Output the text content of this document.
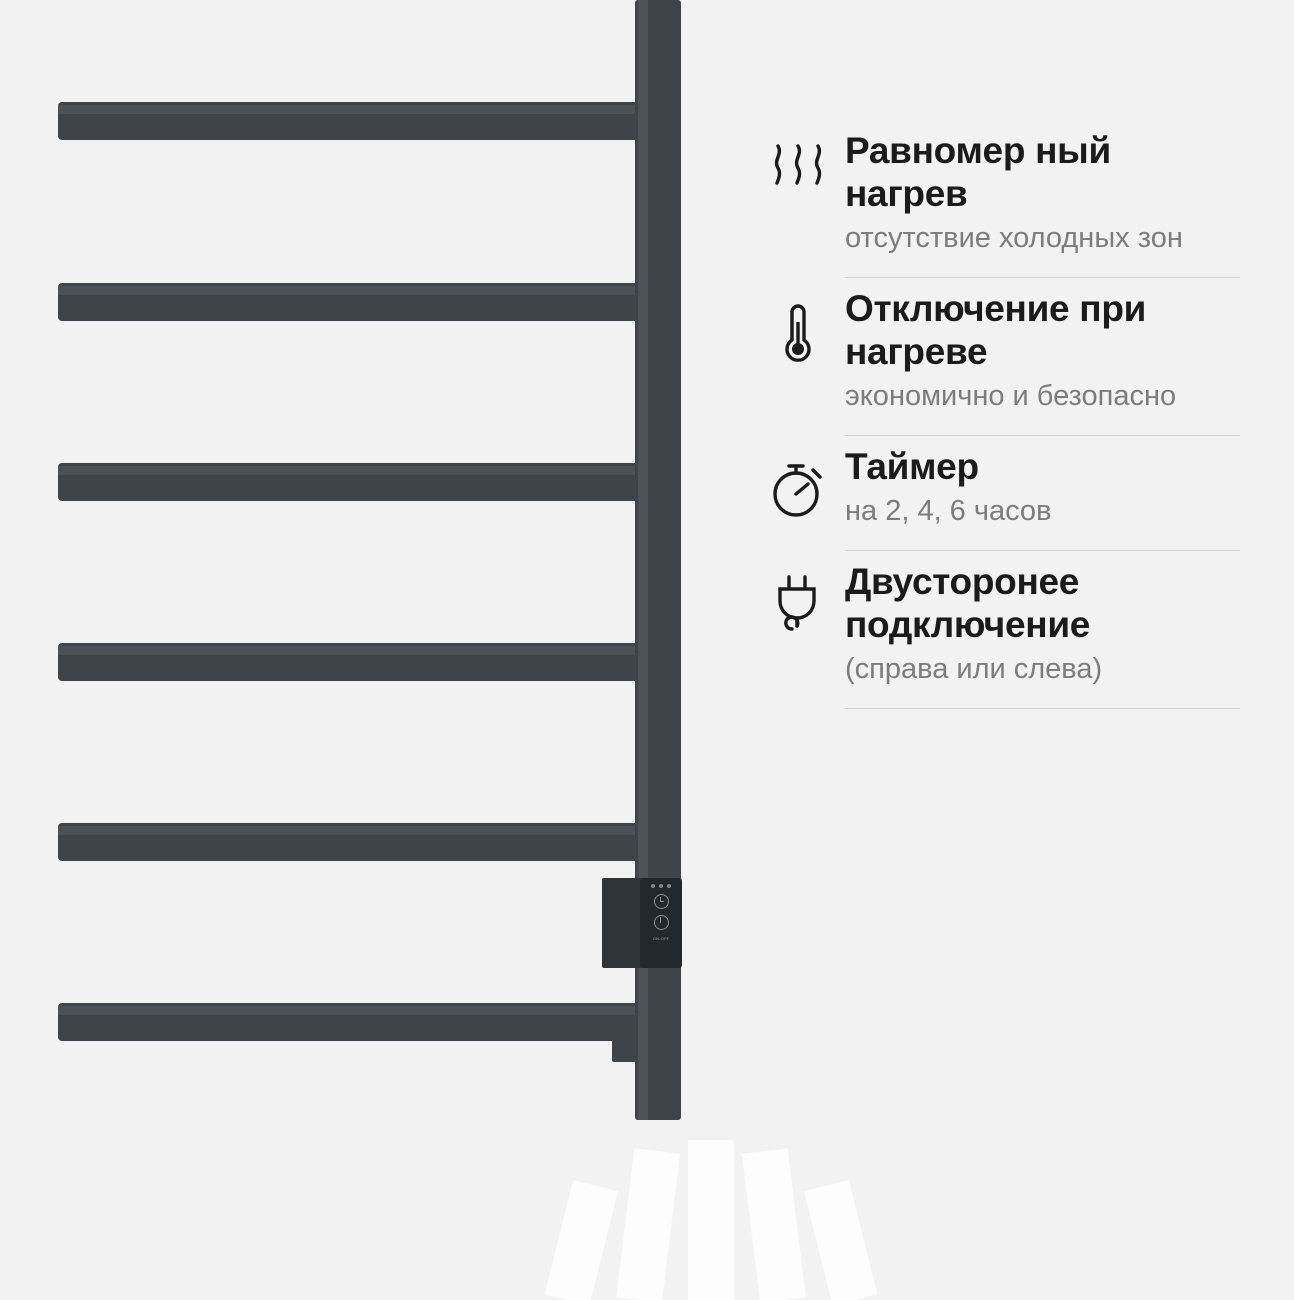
ON-OFF
Равномер ный нагрев
отсутствие холодных зон
Отключение при нагреве
экономично и безопасно
Таймер
на 2, 4, 6 часов
Двусторонее подключение
(справа или слева)
